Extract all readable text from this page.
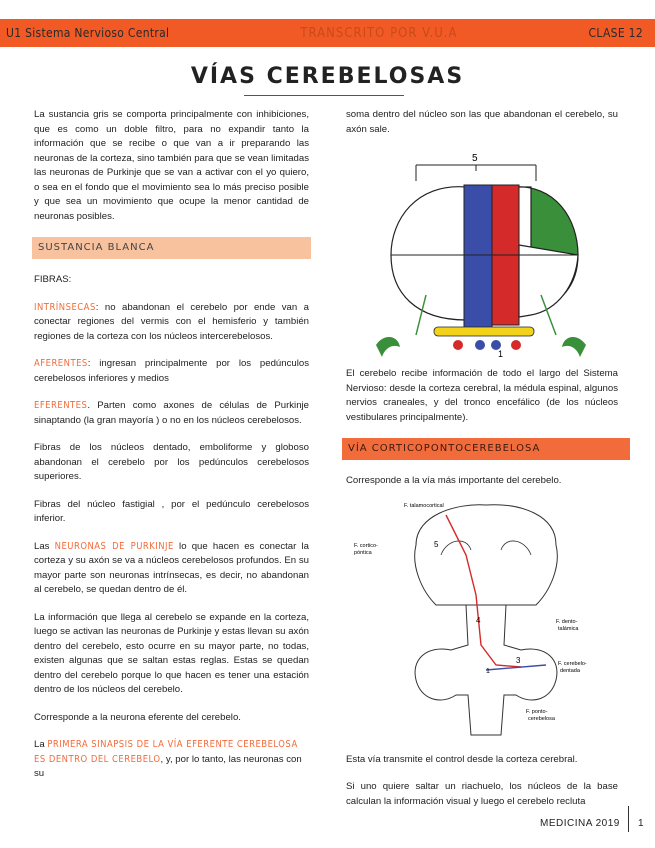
U1 Sistema Nervioso Central	TRANSCRITO POR V.U.A	CLASE 12
VÍAS CEREBELOSAS

La sustancia gris se comporta principalmente con inhibiciones, que es como un doble filtro, para no expandir tanto la información que se recibe o que van a ir preparando las neuronas de la corteza, sino también para que se vean limitadas las neuronas de Purkinje que se van a activar con el yo quiero, o sea en el fondo que el movimiento sea lo más preciso posible y que sea un movimiento que ocupe la menor cantidad de neuronas posibles.

SUSTANCIA BLANCA

FIBRAS:

INTRÍNSECAS: no abandonan el cerebelo por ende van a conectar regiones del vermis con el hemisferio y también regiones de la corteza con los núcleos intercerebelosos.

AFERENTES: ingresan principalmente por los pedúnculos cerebelosos inferiores y medios

EFERENTES. Parten como axones de células de Purkinje sinaptando (la gran mayoría ) o no en los núcleos cerebelosos.

Fibras de los núcleos dentado, emboliforme y globoso abandonan el cerebelo por los pedúnculos cerebelosos superiores.

Fibras del núcleo fastigial , por el pedúnculo cerebelosos inferior.

Las NEURONAS DE PURKINJE lo que hacen es conectar la corteza y su axón se va a núcleos cerebelosos profundos. En su mayor parte son neuronas intrínsecas, es decir, no abandonan al cerebelo, se quedan dentro de él.

La información que llega al cerebelo se expande en la corteza, luego se activan las neuronas de Purkinje y estas llevan su axón dentro del cerebelo, esto ocurre en su mayor parte, no todas, existen algunas que se saltan estas reglas. Estas se quedan dentro del cerebelo porque lo que hacen es tener una estación dentro de los núcleos del cerebelo.

Corresponde a la neurona eferente del cerebelo.

La PRIMERA SINAPSIS DE LA VÍA EFERENTE CEREBELOSA ES DENTRO DEL CEREBELO, y, por lo tanto, las neuronas con su

soma dentro del núcleo son las que abandonan el cerebelo, su axón sale.

5
1

El cerebelo recibe información de todo el largo del Sistema Nervioso: desde la corteza cerebral, la médula espinal, algunos nervios craneales, y del tronco encefálico (de los núcleos vestibulares principalmente).

VÍA CORTICOPONTOCEREBELOSA

Corresponde a la vía más importante del cerebelo.

F. talamocortical
F. cortico-
póntica
5
4
3
1
F. dento-
talámica
F. cerebelo-
dentada
F. ponto-
cerebelosa

Esta vía transmite el control desde la corteza cerebral.

Si uno quiere saltar un riachuelo, los núcleos de la base calculan la información visual y luego el cerebelo recluta

MEDICINA 2019 1
